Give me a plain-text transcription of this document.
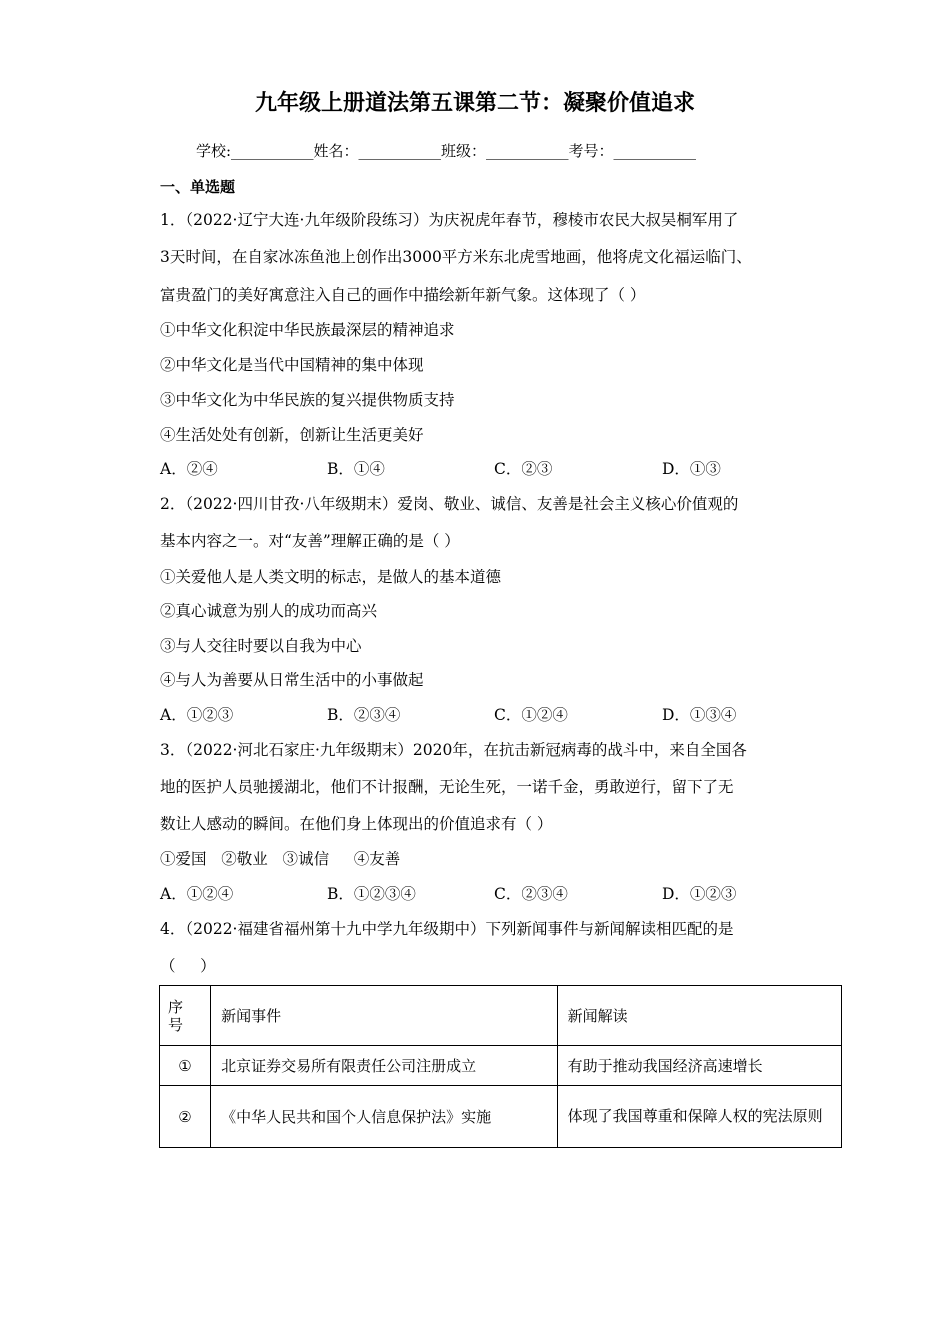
九年级上册道法第五课第二节：凝聚价值追求
学校:___________姓名：___________班级：___________考号：___________
一、单选题
1．（2022·辽宁大连·九年级阶段练习）为庆祝虎年春节，穆棱市农民大叔吴桐军用了
3天时间，在自家冰冻鱼池上创作出3000平方米东北虎雪地画，他将虎文化福运临门、
富贵盈门的美好寓意注入自己的画作中描绘新年新气象。这体现了（ ）
①中华文化积淀中华民族最深层的精神追求
②中华文化是当代中国精神的集中体现
③中华文化为中华民族的复兴提供物质支持
④生活处处有创新，创新让生活更美好
A．②④	B．①④	C．②③	D．①③
2．（2022·四川甘孜·八年级期末）爱岗、敬业、诚信、友善是社会主义核心价值观的
基本内容之一。对“友善”理解正确的是（ ）
①关爱他人是人类文明的标志，是做人的基本道德
②真心诚意为别人的成功而高兴
③与人交往时要以自我为中心
④与人为善要从日常生活中的小事做起
A．①②③	B．②③④	C．①②④	D．①③④
3．（2022·河北石家庄·九年级期末）2020年，在抗击新冠病毒的战斗中，来自全国各
地的医护人员驰援湖北，他们不计报酬，无论生死，一诺千金，勇敢逆行，留下了无
数让人感动的瞬间。在他们身上体现出的价值追求有（ ）
①爱国   ②敬业   ③诚信     ④友善
A．①②④	B．①②③④	C．②③④	D．①②③
4．（2022·福建省福州第十九中学九年级期中）下列新闻事件与新闻解读相匹配的是
（     ）
序号	新闻事件	新闻解读
①	北京证券交易所有限责任公司注册成立	有助于推动我国经济高速增长
②	《中华人民共和国个人信息保护法》实施	体现了我国尊重和保障人权的宪法原则
